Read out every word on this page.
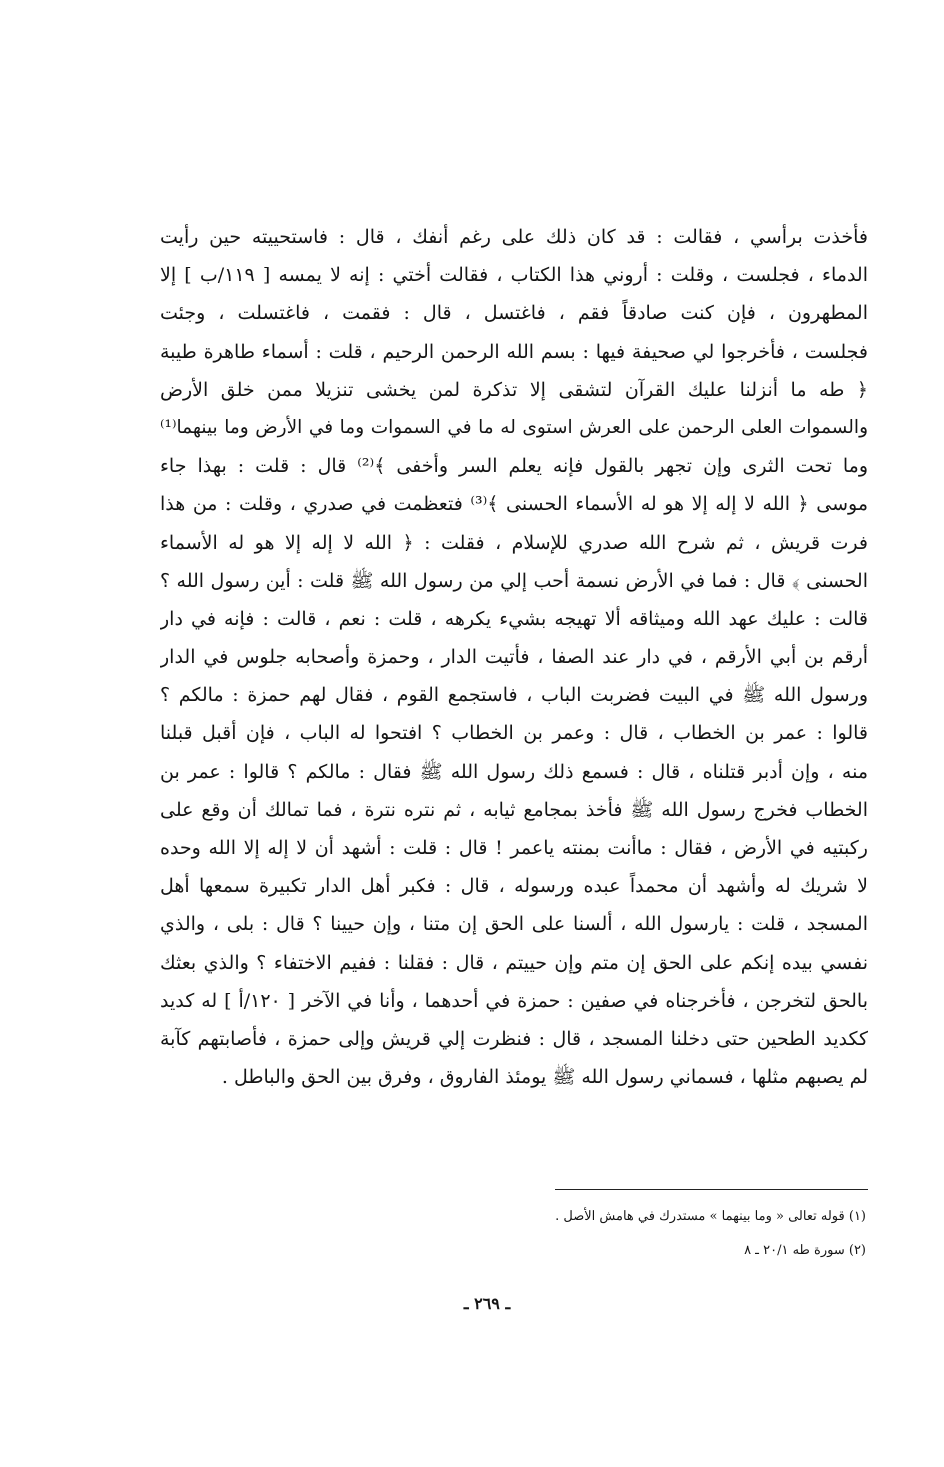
فأخذت برأسي ، فقالت : قد كان ذلك على رغم أنفك ، قال : فاستحييته حين رأيت
الدماء ، فجلست ، وقلت : أروني هذا الكتاب ، فقالت أختي : إنه لا يمسه [ ١١٩/ب ] إلا
المطهرون ، فإن كنت صادقاً فقم ، فاغتسل ، قال : فقمت ، فاغتسلت ، وجئت
فجلست ، فأخرجوا لي صحيفة فيها : بسم الله الرحمن الرحيم ، قلت : أسماء طاهرة طيبة
﴿ طه ما أنزلنا عليك القرآن لتشقى إلا تذكرة لمن يخشى تنزيلا ممن خلق الأرض
والسموات العلى الرحمن على العرش استوى له ما في السموات وما في الأرض وما بينهما⁽¹⁾
وما تحت الثرى وإن تجهر بالقول فإنه يعلم السر وأخفى ﴾⁽²⁾ قال : قلت : بهذا جاء
موسى ﴿ الله لا إله إلا هو له الأسماء الحسنى ﴾⁽³⁾ فتعظمت في صدري ، وقلت : من هذا
فرت قريش ، ثم شرح الله صدري للإسلام ، فقلت : ﴿ الله لا إله إلا هو له الأسماء
الحسنى ﴾ قال : فما في الأرض نسمة أحب إلي من رسول الله ﷺ قلت : أين رسول الله ؟
قالت : عليك عهد الله وميثاقه ألا تهيجه بشيء يكرهه ، قلت : نعم ، قالت : فإنه في دار
أرقم بن أبي الأرقم ، في دار عند الصفا ، فأتيت الدار ، وحمزة وأصحابه جلوس في الدار
ورسول الله ﷺ في البيت فضربت الباب ، فاستجمع القوم ، فقال لهم حمزة : مالكم ؟
قالوا : عمر بن الخطاب ، قال : وعمر بن الخطاب ؟ افتحوا له الباب ، فإن أقبل قبلنا
منه ، وإن أدبر قتلناه ، قال : فسمع ذلك رسول الله ﷺ فقال : مالكم ؟ قالوا : عمر بن
الخطاب فخرج رسول الله ﷺ فأخذ بمجامع ثيابه ، ثم نتره نترة ، فما تمالك أن وقع على
ركبتيه في الأرض ، فقال : ماأنت بمنته ياعمر ! قال : قلت : أشهد أن لا إله إلا الله وحده
لا شريك له وأشهد أن محمداً عبده ورسوله ، قال : فكبر أهل الدار تكبيرة سمعها أهل
المسجد ، قلت : يارسول الله ، ألسنا على الحق إن متنا ، وإن حيينا ؟ قال : بلى ، والذي
نفسي بيده إنكم على الحق إن متم وإن حييتم ، قال : فقلنا : ففيم الاختفاء ؟ والذي بعثك
بالحق لتخرجن ، فأخرجناه في صفين : حمزة في أحدهما ، وأنا في الآخر [ ١٢٠/أ ] له كديد
ككديد الطحين حتى دخلنا المسجد ، قال : فنظرت إلي قريش وإلى حمزة ، فأصابتهم كآبة
لم يصبهم مثلها ، فسماني رسول الله ﷺ يومئذ الفاروق ، وفرق بين الحق والباطل .
(١) قوله تعالى « وما بينهما » مستدرك في هامش الأصل .
(٢) سورة طه ٢٠/١ ـ ٨
ـ ٢٦٩ ـ
